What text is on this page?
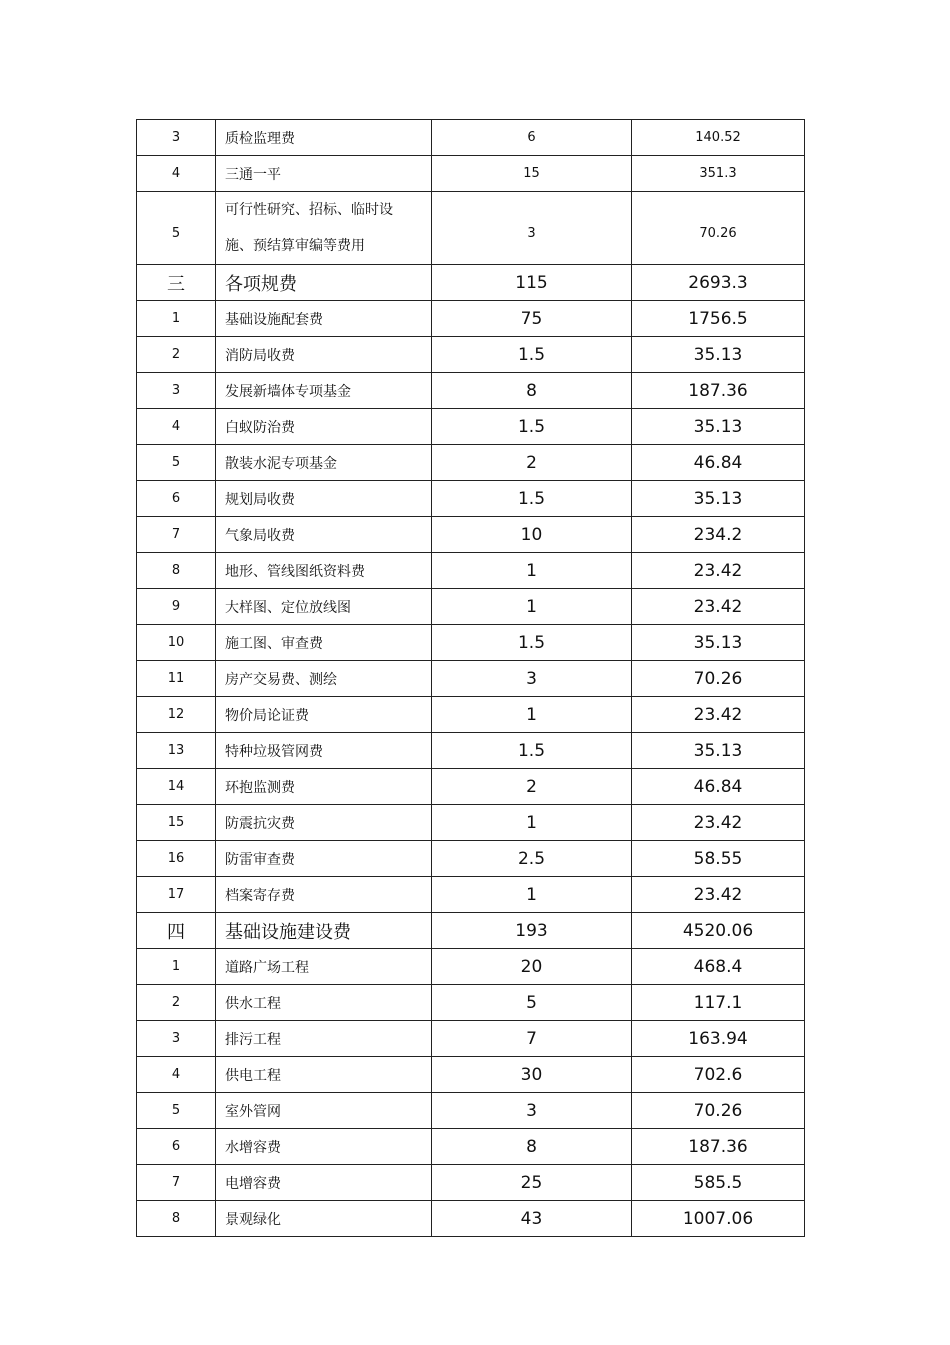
3	质检监理费	6	140.52
4	三通一平	15	351.3
5	可行性研究、招标、临时设
施、预结算审编等费用	3	70.26
三	各项规费	115	2693.3
1	基础设施配套费	75	1756.5
2	消防局收费	1.5	35.13
3	发展新墙体专项基金	8	187.36
4	白蚁防治费	1.5	35.13
5	散装水泥专项基金	2	46.84
6	规划局收费	1.5	35.13
7	气象局收费	10	234.2
8	地形、管线图纸资料费	1	23.42
9	大样图、定位放线图	1	23.42
10	施工图、审查费	1.5	35.13
11	房产交易费、测绘	3	70.26
12	物价局论证费	1	23.42
13	特种垃圾管网费	1.5	35.13
14	环抱监测费	2	46.84
15	防震抗灾费	1	23.42
16	防雷审查费	2.5	58.55
17	档案寄存费	1	23.42
四	基础设施建设费	193	4520.06
1	道路广场工程	20	468.4
2	供水工程	5	117.1
3	排污工程	7	163.94
4	供电工程	30	702.6
5	室外管网	3	70.26
6	水增容费	8	187.36
7	电增容费	25	585.5
8	景观绿化	43	1007.06
